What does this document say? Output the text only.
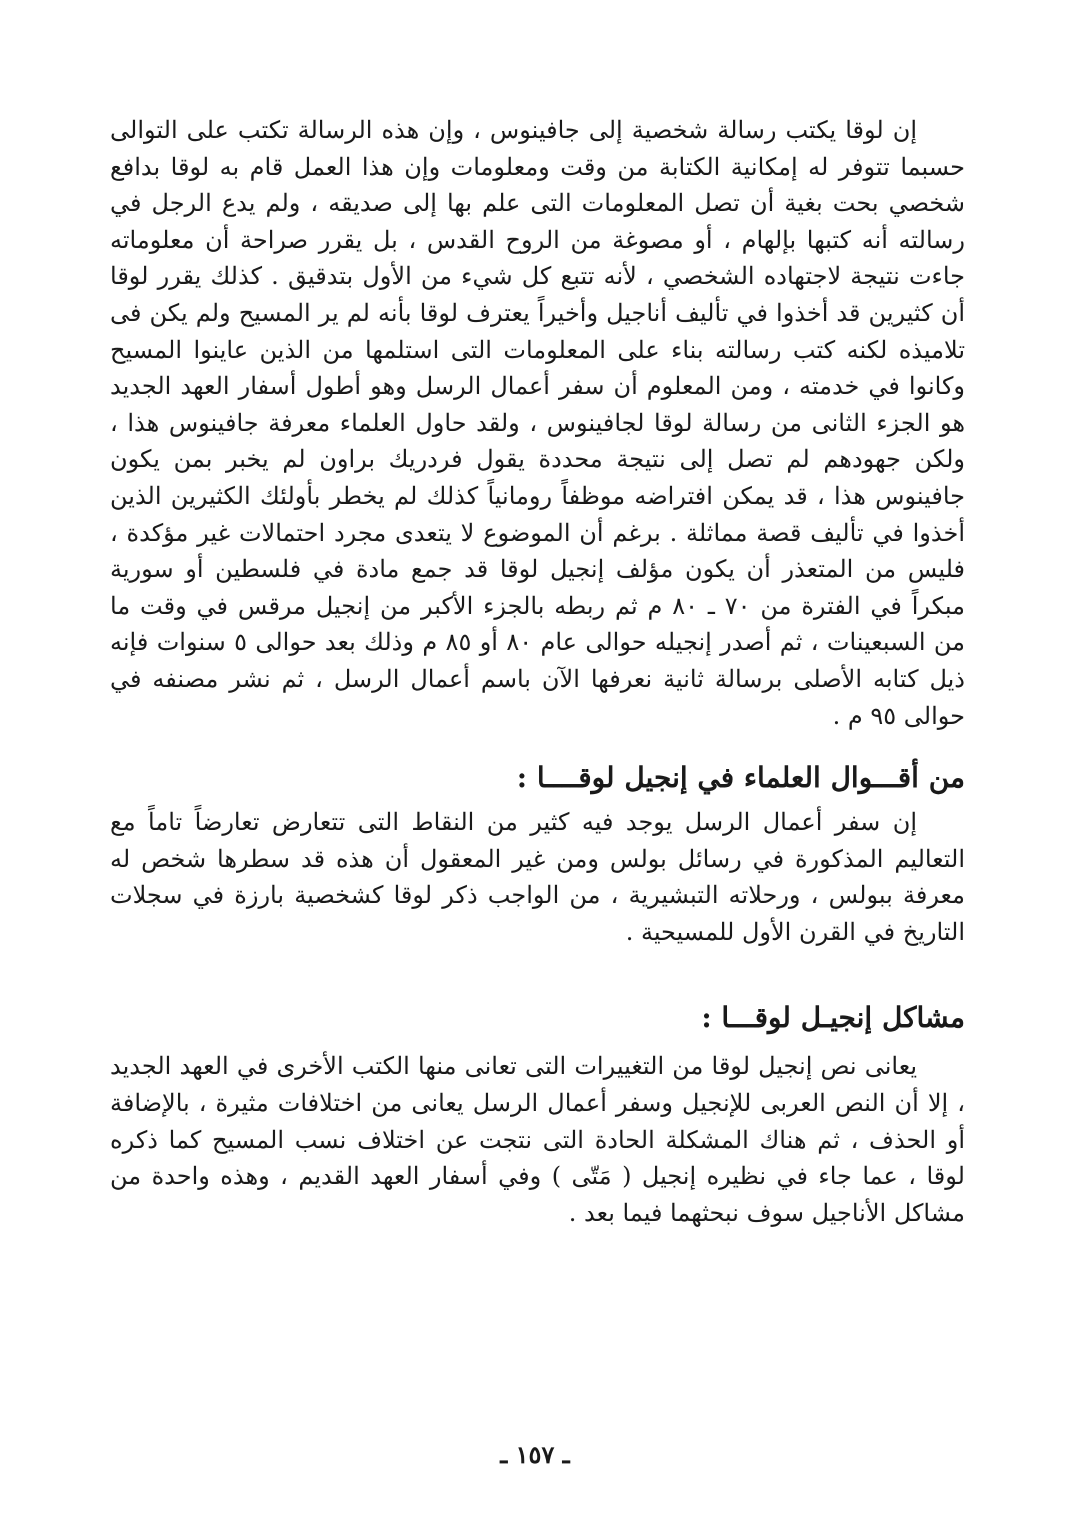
إن لوقا يكتب رسالة شخصية إلى جافينوس ، وإن هذه الرسالة تكتب على التوالى حسبما تتوفر له إمكانية الكتابة من وقت ومعلومات وإن هذا العمل قام به لوقا بدافع شخصي بحت بغية أن تصل المعلومات التى علم بها إلى صديقه ، ولم يدع الرجل في رسالته أنه كتبها بإلهام ، أو مصوغة من الروح القدس ، بل يقرر صراحة أن معلوماته جاءت نتيجة لاجتهاده الشخصي ، لأنه تتبع كل شيء من الأول بتدقيق . كذلك يقرر لوقا أن كثيرين قد أخذوا في تأليف أناجيل وأخيراً يعترف لوقا بأنه لم ير المسيح ولم يكن فى تلاميذه لكنه كتب رسالته بناء على المعلومات التى استلمها من الذين عاينوا المسيح وكانوا في خدمته ، ومن المعلوم أن سفر أعمال الرسل وهو أطول أسفار العهد الجديد هو الجزء الثانى من رسالة لوقا لجافينوس ، ولقد حاول العلماء معرفة جافينوس هذا ، ولكن جهودهم لم تصل إلى نتيجة محددة يقول فردريك براون لم يخبر بمن يكون جافينوس هذا ، قد يمكن افتراضه موظفاً رومانياً كذلك لم يخطر بأولئك الكثيرين الذين أخذوا في تأليف قصة مماثلة . برغم أن الموضوع لا يتعدى مجرد احتمالات غير مؤكدة ، فليس من المتعذر أن يكون مؤلف إنجيل لوقا قد جمع مادة في فلسطين أو سورية مبكراً في الفترة من ٧٠ ـ ٨٠ م ثم ربطه بالجزء الأكبر من إنجيل مرقس في وقت ما من السبعينات ، ثم أصدر إنجيله حوالى عام ٨٠ أو ٨٥ م وذلك بعد حوالى ٥ سنوات فإنه ذيل كتابه الأصلى برسالة ثانية نعرفها الآن باسم أعمال الرسل ، ثم نشر مصنفه في حوالى ٩٥ م .

من أقـــوال العلماء في إنجيل لوقــــا :

إن سفر أعمال الرسل يوجد فيه كثير من النقاط التى تتعارض تعارضاً تاماً مع التعاليم المذكورة في رسائل بولس ومن غير المعقول أن هذه قد سطرها شخص له معرفة ببولس ، ورحلاته التبشيرية ، من الواجب ذكر لوقا كشخصية بارزة في سجلات التاريخ في القرن الأول للمسيحية .

مشاكل إنجيـل لوقـــا :

يعانى نص إنجيل لوقا من التغييرات التى تعانى منها الكتب الأخرى في العهد الجديد ، إلا أن النص العربى للإنجيل وسفر أعمال الرسل يعانى من اختلافات مثيرة ، بالإضافة أو الحذف ، ثم هناك المشكلة الحادة التى نتجت عن اختلاف نسب المسيح كما ذكره لوقا ، عما جاء في نظيره إنجيل ( مَتّى ) وفي أسفار العهد القديم ، وهذه واحدة من مشاكل الأناجيل سوف نبحثهما فيما بعد .

ـ ١٥٧ ـ
